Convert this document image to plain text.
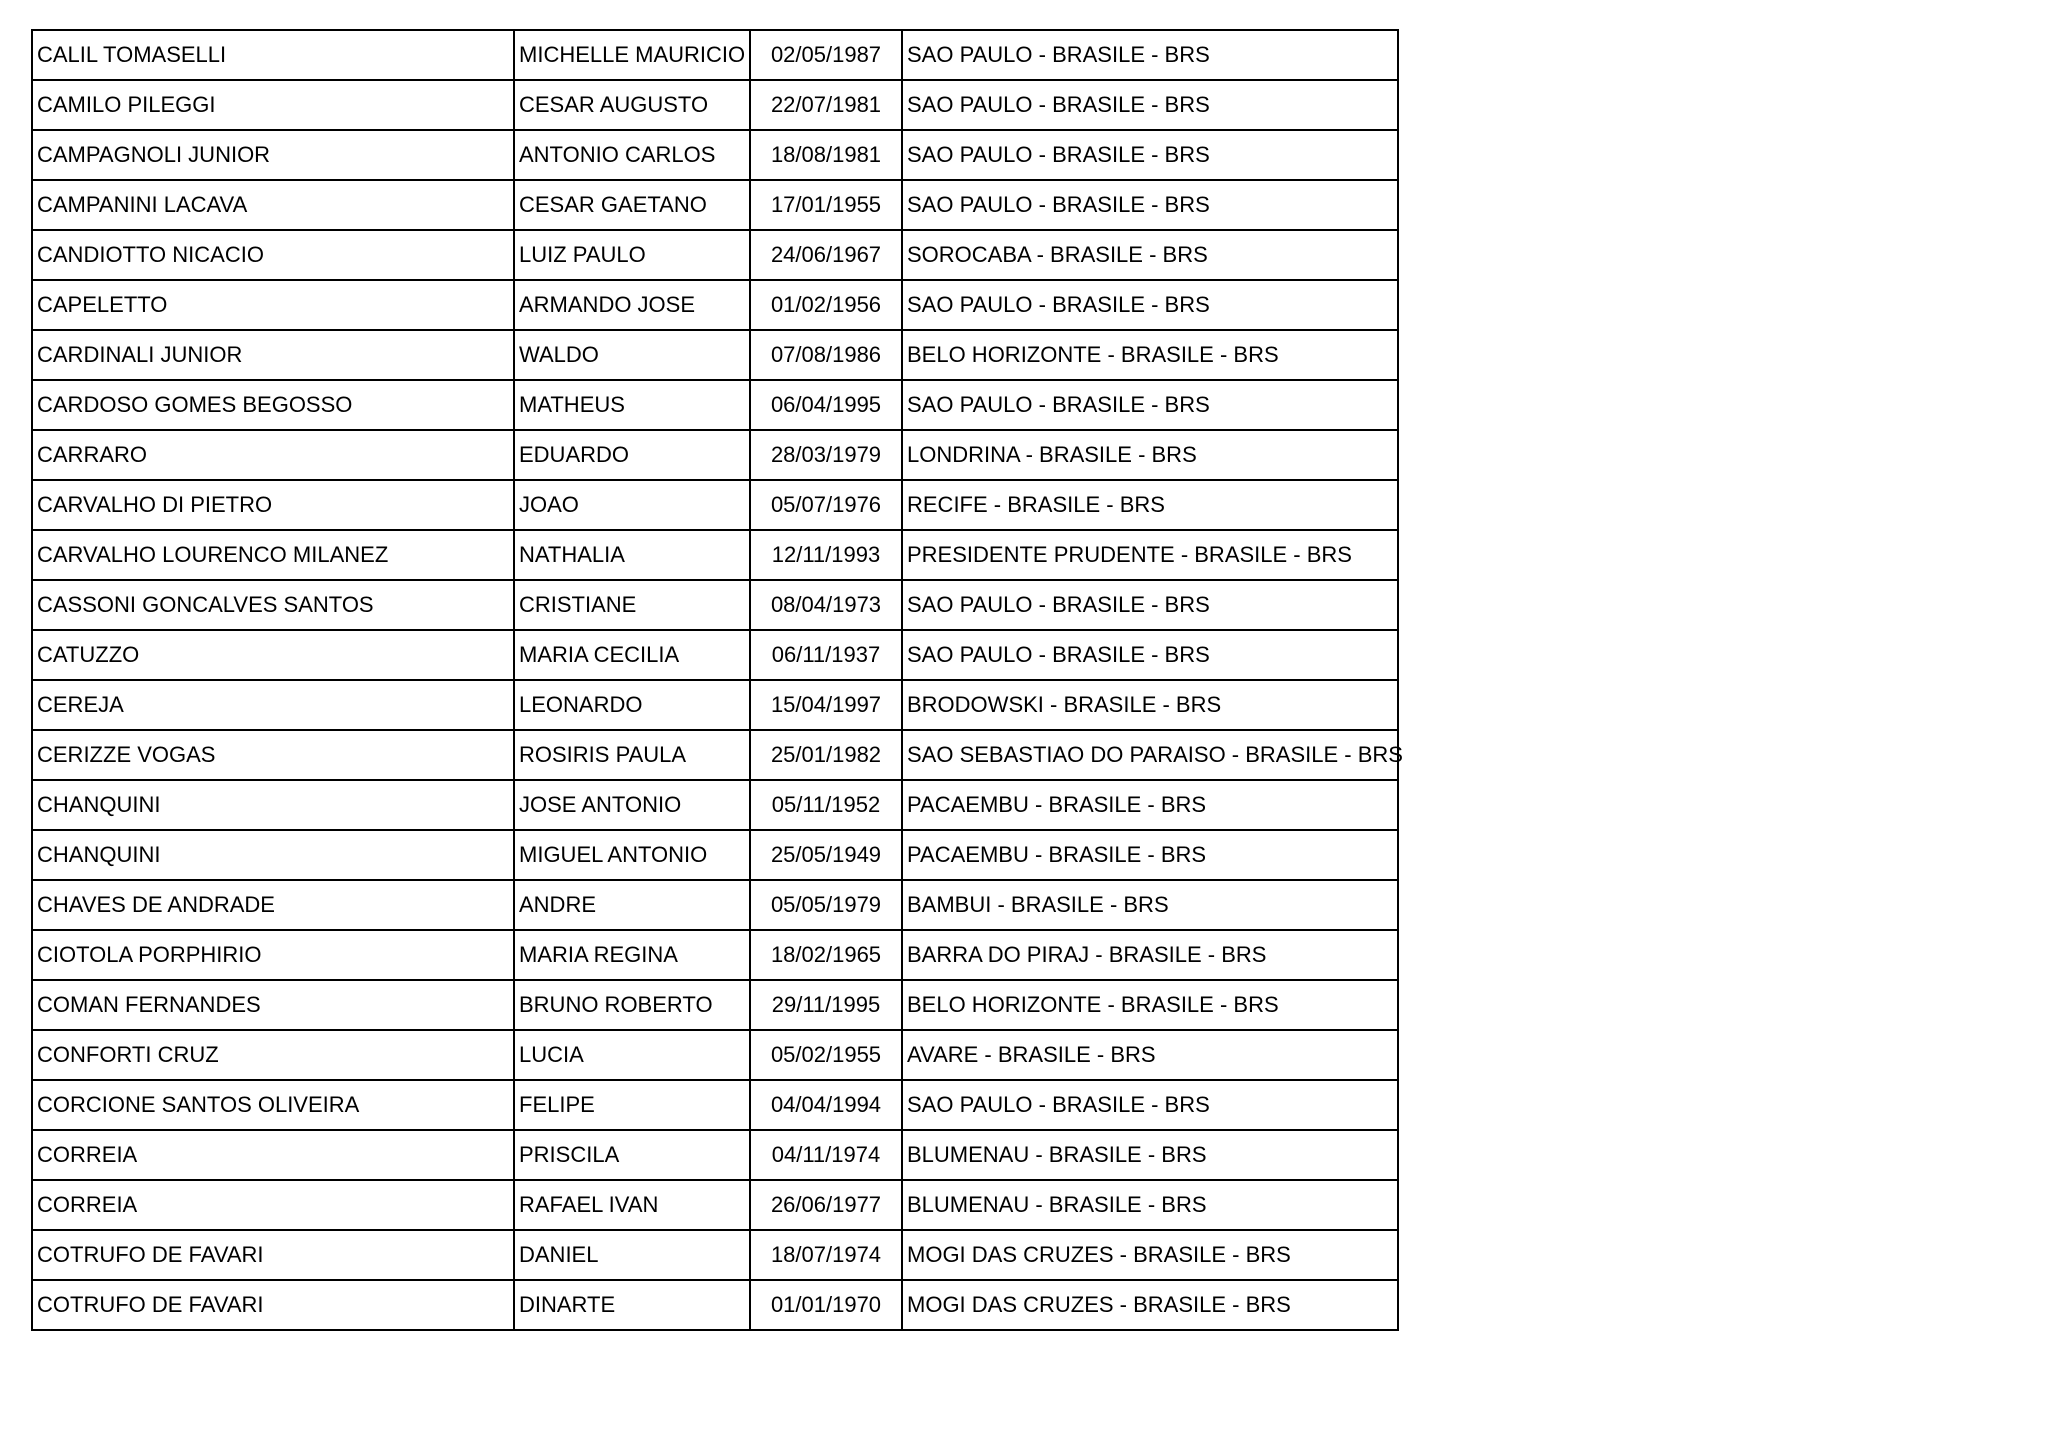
CALIL TOMASELLI	MICHELLE MAURICIO	02/05/1987	SAO PAULO - BRASILE - BRS
CAMILO PILEGGI	CESAR AUGUSTO	22/07/1981	SAO PAULO - BRASILE - BRS
CAMPAGNOLI JUNIOR	ANTONIO CARLOS	18/08/1981	SAO PAULO - BRASILE - BRS
CAMPANINI LACAVA	CESAR GAETANO	17/01/1955	SAO PAULO - BRASILE - BRS
CANDIOTTO NICACIO	LUIZ PAULO	24/06/1967	SOROCABA - BRASILE - BRS
CAPELETTO	ARMANDO JOSE	01/02/1956	SAO PAULO - BRASILE - BRS
CARDINALI JUNIOR	WALDO	07/08/1986	BELO HORIZONTE - BRASILE - BRS
CARDOSO GOMES BEGOSSO	MATHEUS	06/04/1995	SAO PAULO - BRASILE - BRS
CARRARO	EDUARDO	28/03/1979	LONDRINA - BRASILE - BRS
CARVALHO DI PIETRO	JOAO	05/07/1976	RECIFE - BRASILE - BRS
CARVALHO LOURENCO MILANEZ	NATHALIA	12/11/1993	PRESIDENTE PRUDENTE - BRASILE - BRS
CASSONI GONCALVES SANTOS	CRISTIANE	08/04/1973	SAO PAULO - BRASILE - BRS
CATUZZO	MARIA CECILIA	06/11/1937	SAO PAULO - BRASILE - BRS
CEREJA	LEONARDO	15/04/1997	BRODOWSKI - BRASILE - BRS
CERIZZE VOGAS	ROSIRIS PAULA	25/01/1982	SAO SEBASTIAO DO PARAISO - BRASILE - BRS
CHANQUINI	JOSE ANTONIO	05/11/1952	PACAEMBU - BRASILE - BRS
CHANQUINI	MIGUEL ANTONIO	25/05/1949	PACAEMBU - BRASILE - BRS
CHAVES DE ANDRADE	ANDRE	05/05/1979	BAMBUI - BRASILE - BRS
CIOTOLA PORPHIRIO	MARIA REGINA	18/02/1965	BARRA DO PIRAJ - BRASILE - BRS
COMAN FERNANDES	BRUNO ROBERTO	29/11/1995	BELO HORIZONTE - BRASILE - BRS
CONFORTI CRUZ	LUCIA	05/02/1955	AVARE - BRASILE - BRS
CORCIONE SANTOS OLIVEIRA	FELIPE	04/04/1994	SAO PAULO - BRASILE - BRS
CORREIA	PRISCILA	04/11/1974	BLUMENAU - BRASILE - BRS
CORREIA	RAFAEL IVAN	26/06/1977	BLUMENAU - BRASILE - BRS
COTRUFO DE FAVARI	DANIEL	18/07/1974	MOGI DAS CRUZES - BRASILE - BRS
COTRUFO DE FAVARI	DINARTE	01/01/1970	MOGI DAS CRUZES - BRASILE - BRS
